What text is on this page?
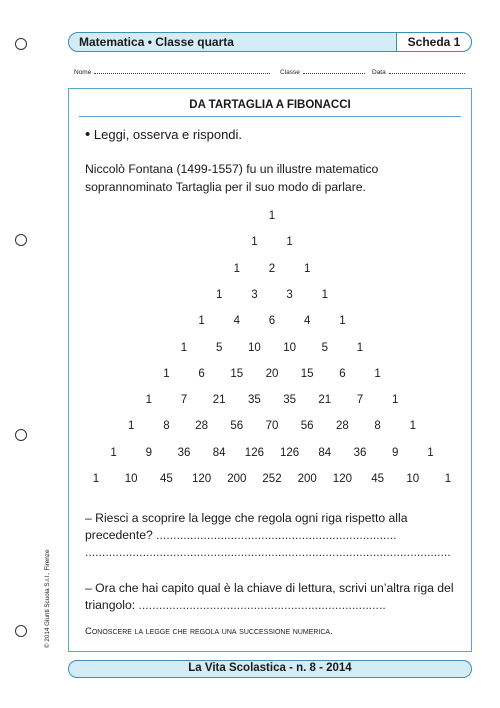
Matematica • Classe quarta	Scheda 1
Nome	Classe	Data
DA TARTAGLIA A FIBONACCI
• Leggi, osserva e rispondi.
Niccolò Fontana (1499-1557) fu un illustre matematico soprannominato Tartaglia per il suo modo di parlare.
1
1	1
1	2	1
1	3	3	1
1	4	6	4	1
1	5	10	10	5	1
1	6	15	20	15	6	1
1	7	21	35	35	21	7	1
1	8	28	56	70	56	28	8	1
1	9	36	84	126	126	84	36	9	1
1	10	45	120	200	252	200	120	45	10	1
– Riesci a scoprire la legge che regola ogni riga rispetto alla precedente? .......................................................................
............................................................................................................
– Ora che hai capito qual è la chiave di lettura, scrivi un’altra riga del triangolo: .........................................................................
Conoscere la legge che regola una successione numerica.
© 2014 Giunti Scuola S.r.l., Firenze
La Vita Scolastica - n. 8 - 2014
